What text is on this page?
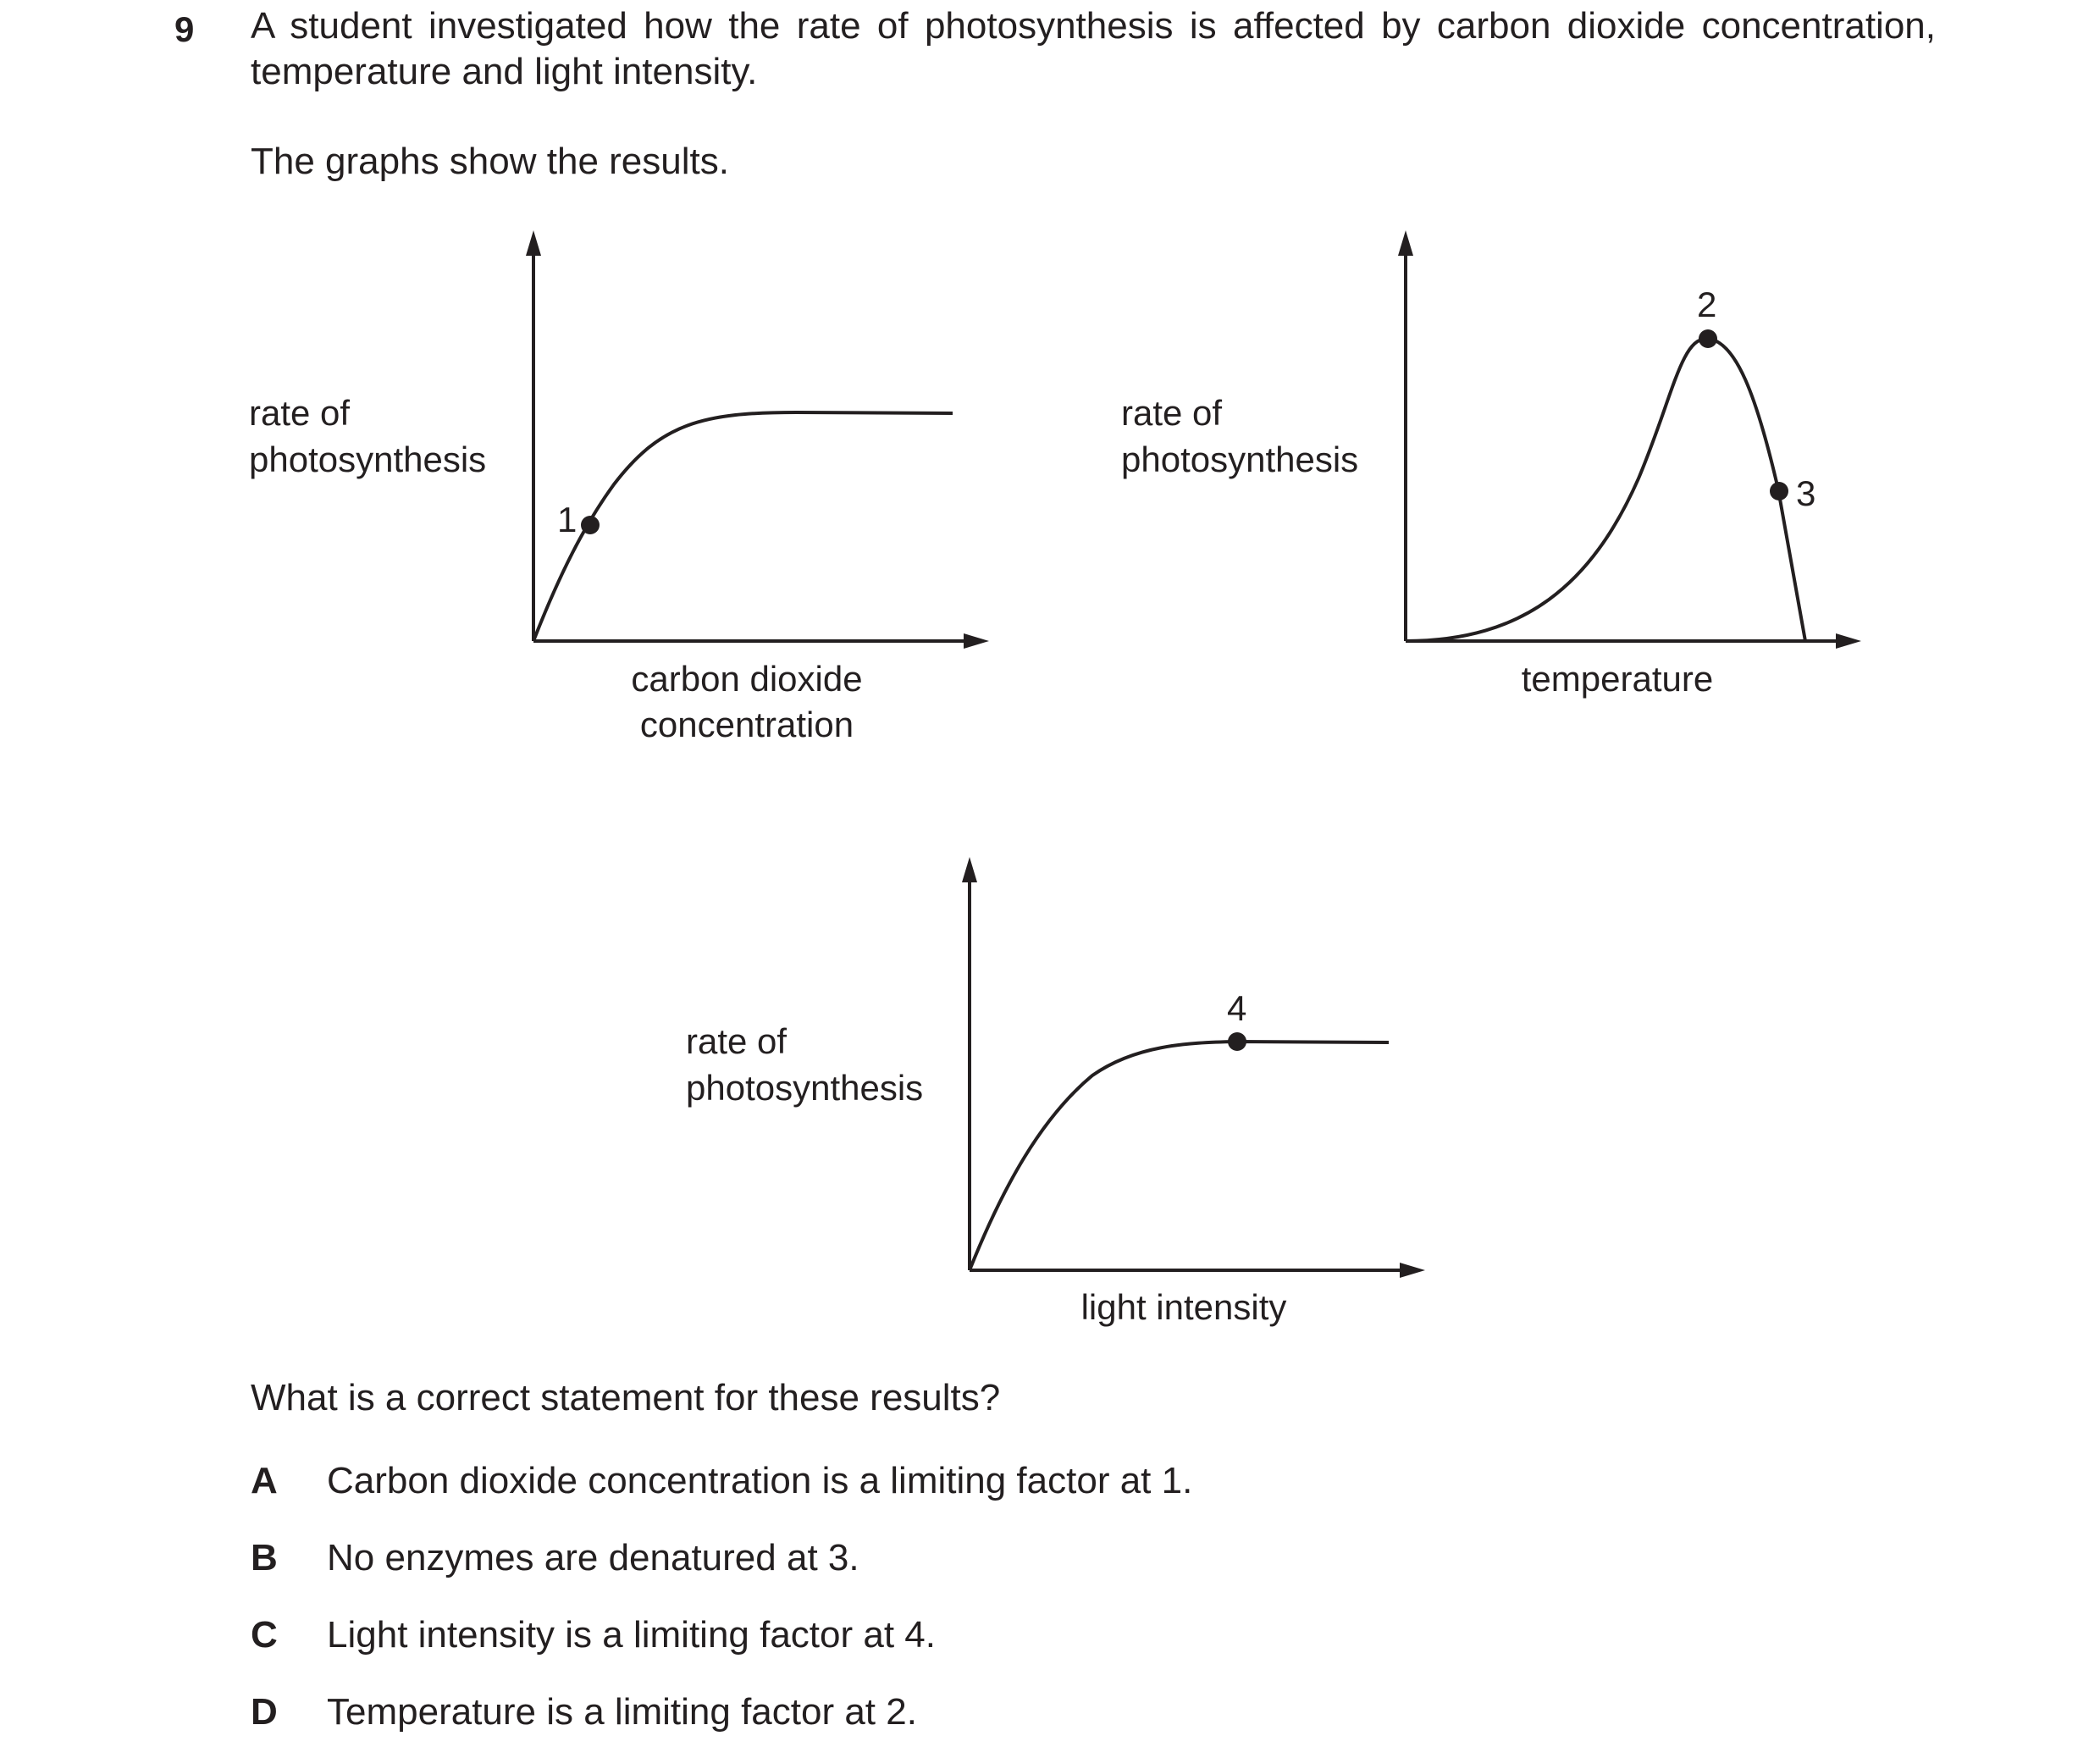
9 A student investigated how the rate of photosynthesis is affected by carbon dioxide concentration, temperature and light intensity.

The graphs show the results.
1
rate of
photosynthesis
carbon dioxide
concentration
2
3
rate of
photosynthesis
temperature
4
rate of
photosynthesis
light intensity
What is a correct statement for these results?
A Carbon dioxide concentration is a limiting factor at 1.
B No enzymes are denatured at 3.
C Light intensity is a limiting factor at 4.
D Temperature is a limiting factor at 2.
